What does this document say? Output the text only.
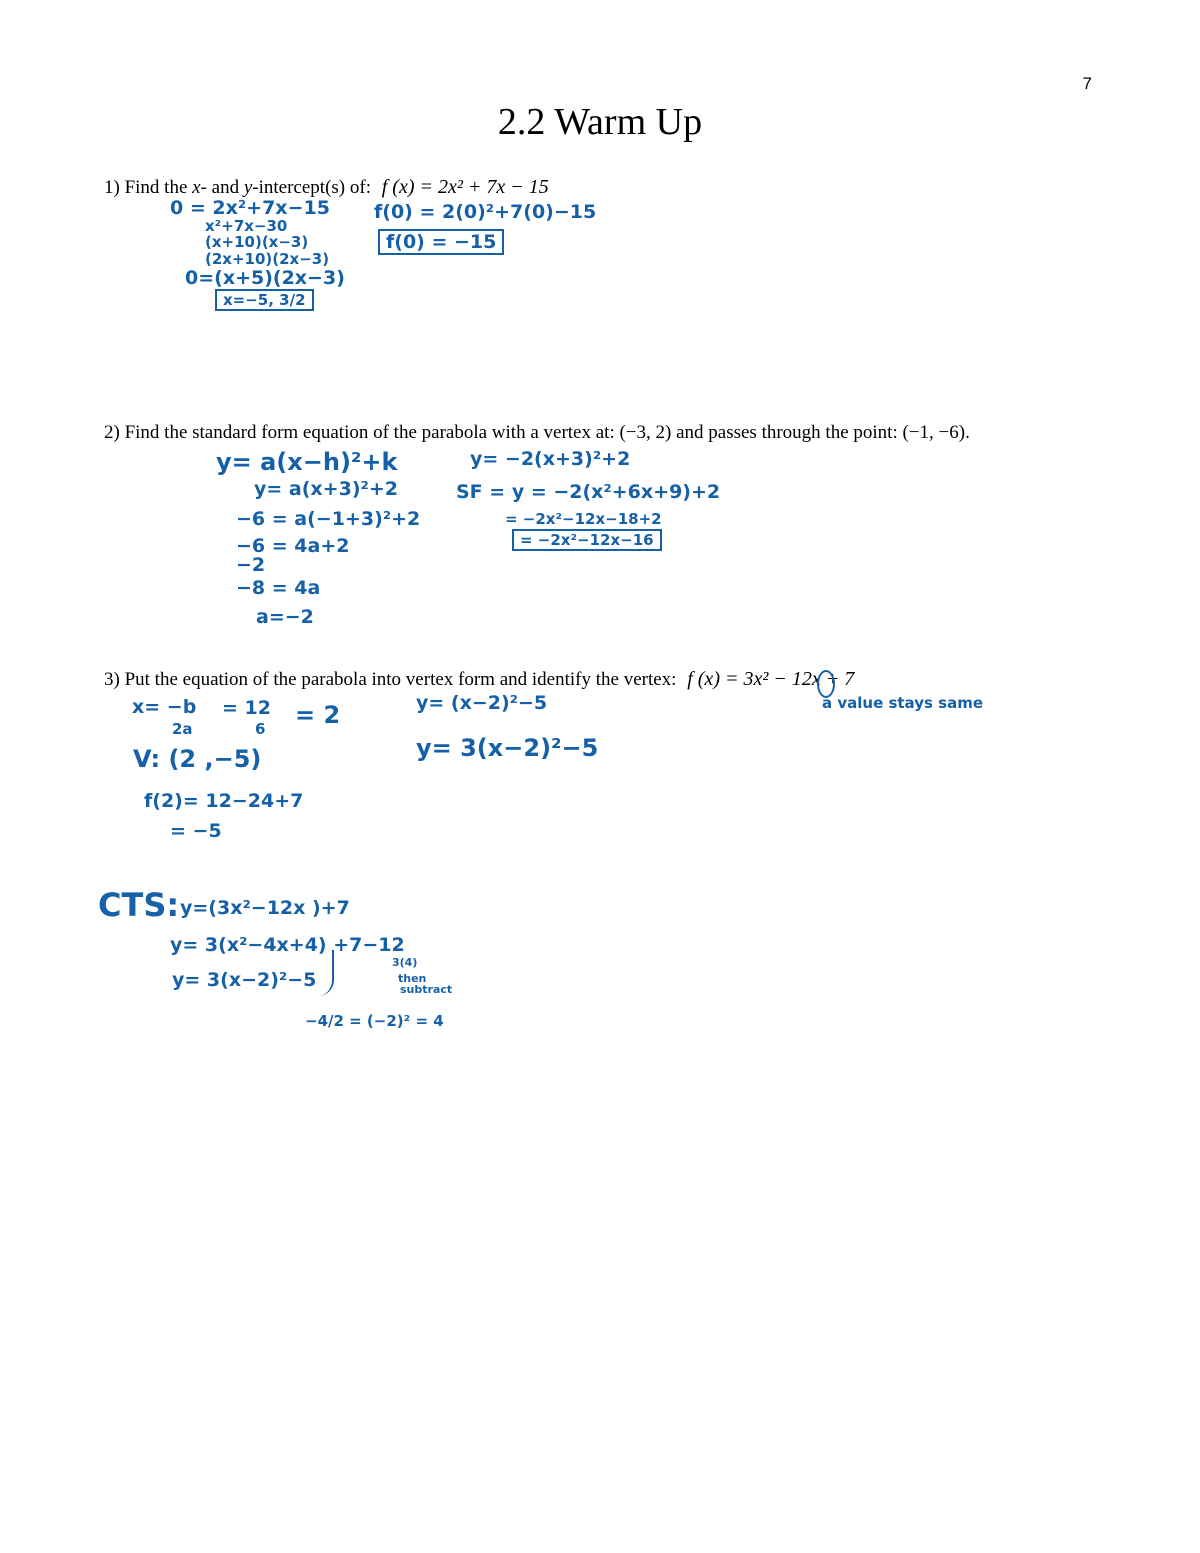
7
2.2 Warm Up
1) Find the x- and y-intercept(s) of: f (x) = 2x² + 7x − 15
2) Find the standard form equation of the parabola with a vertex at: (−3, 2) and passes through the point: (−1, −6).
3) Put the equation of the parabola into vertex form and identify the vertex: f (x) = 3x² − 12x + 7
0 = 2x²+7x−15
x²+7x−30
(x+10)(x−3)
(2x+10)(2x−3)
0=(x+5)(2x−3)
x=−5, 3/2
f(0) = 2(0)²+7(0)−15
f(0) = −15
y= a(x−h)²+k
y= a(x+3)²+2
−6 = a(−1+3)²+2
−6 = 4a+2
−2
−8 = 4a
a=−2
y= −2(x+3)²+2
SF = y = −2(x²+6x+9)+2
= −2x²−12x−18+2
= −2x²−12x−16
x= −b
2a
= 12
6 = 2
V: (2 ,−5)
f(2)= 12−24+7
= −5
y= (x−2)²−5
y= 3(x−2)²−5
a value stays same
CTS: y=(3x²−12x )+7
y= 3(x²−4x+4) +7−12
y= 3(x−2)²−5
3(4)
then
subtract
−4/2 = (−2)² = 4
